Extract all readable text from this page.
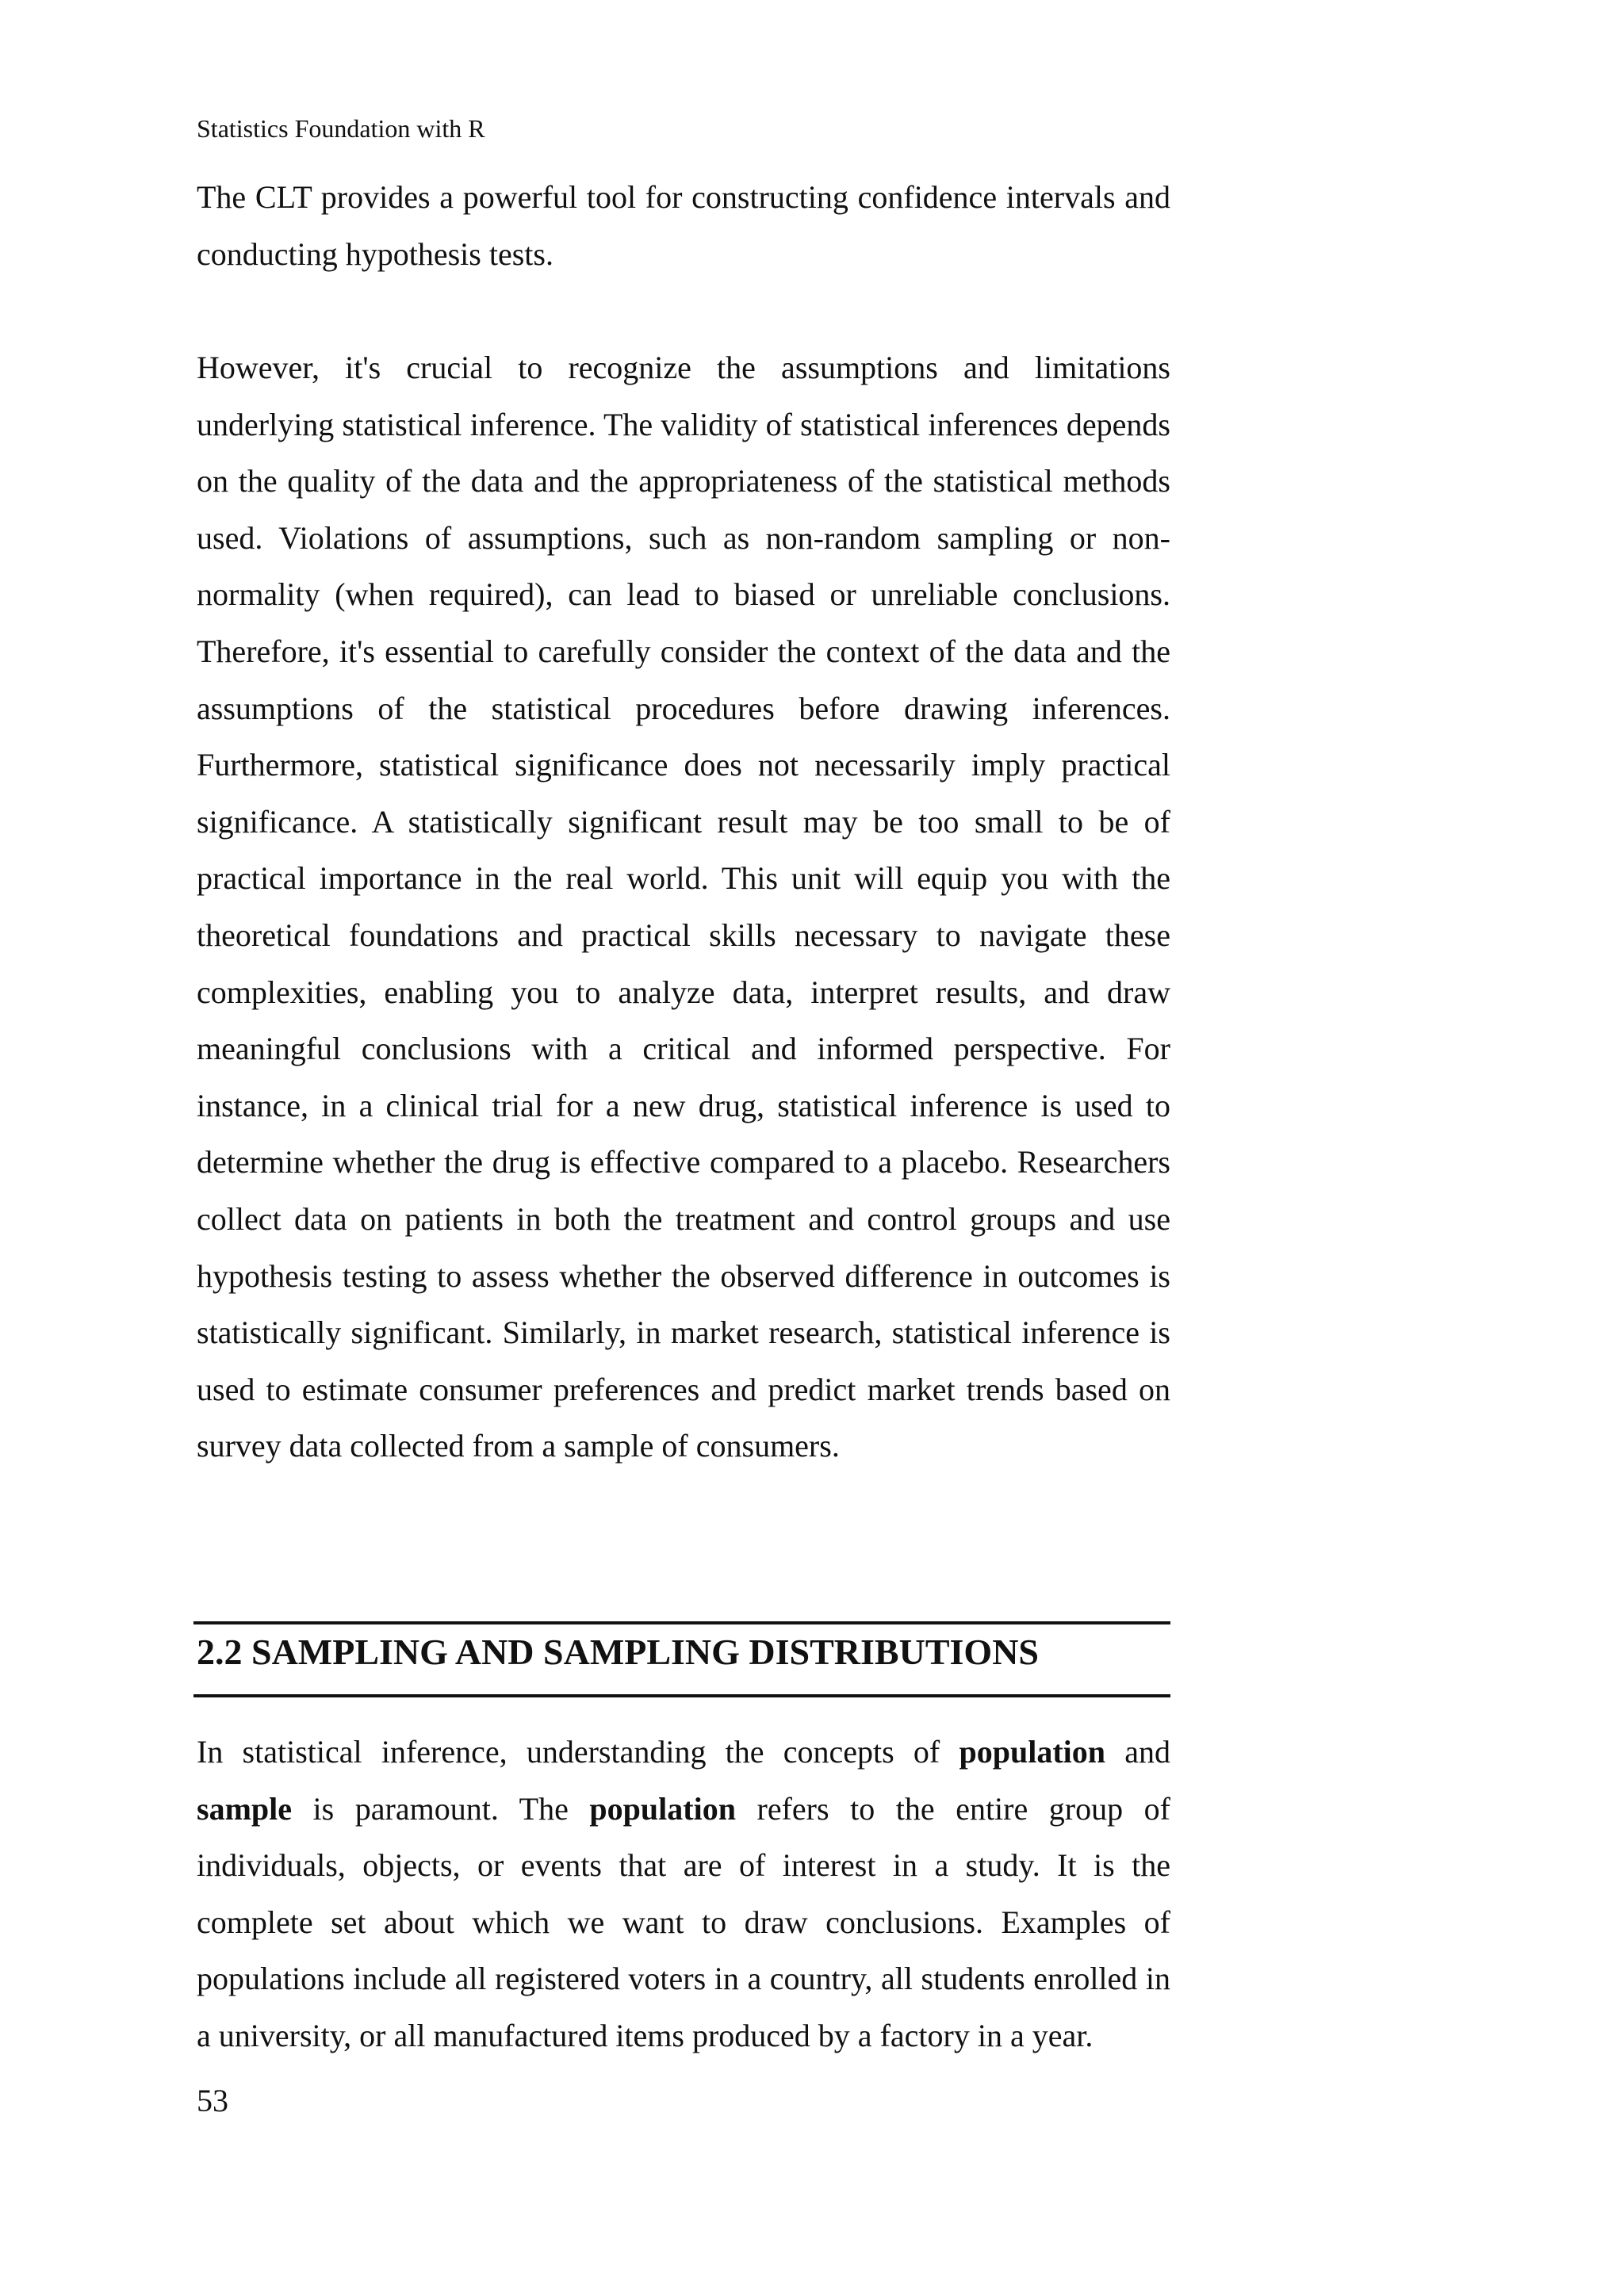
Statistics Foundation with R

The CLT provides a powerful tool for constructing confidence intervals and conducting hypothesis tests.

However, it's crucial to recognize the assumptions and limitations underlying statistical inference. The validity of statistical inferences depends on the quality of the data and the appropriateness of the statistical methods used. Violations of assumptions, such as non-random sampling or non-normality (when required), can lead to biased or unreliable conclusions. Therefore, it's essential to carefully consider the context of the data and the assumptions of the statistical procedures before drawing inferences. Furthermore, statistical significance does not necessarily imply practical significance. A statistically significant result may be too small to be of practical importance in the real world. This unit will equip you with the theoretical foundations and practical skills necessary to navigate these complexities, enabling you to analyze data, interpret results, and draw meaningful conclusions with a critical and informed perspective. For instance, in a clinical trial for a new drug, statistical inference is used to determine whether the drug is effective compared to a placebo. Researchers collect data on patients in both the treatment and control groups and use hypothesis testing to assess whether the observed difference in outcomes is statistically significant. Similarly, in market research, statistical inference is used to estimate consumer preferences and predict market trends based on survey data collected from a sample of consumers.

2.2 SAMPLING AND SAMPLING DISTRIBUTIONS

In statistical inference, understanding the concepts of population and sample is paramount. The population refers to the entire group of individuals, objects, or events that are of interest in a study. It is the complete set about which we want to draw conclusions. Examples of populations include all registered voters in a country, all students enrolled in a university, or all manufactured items produced by a factory in a year.

53
